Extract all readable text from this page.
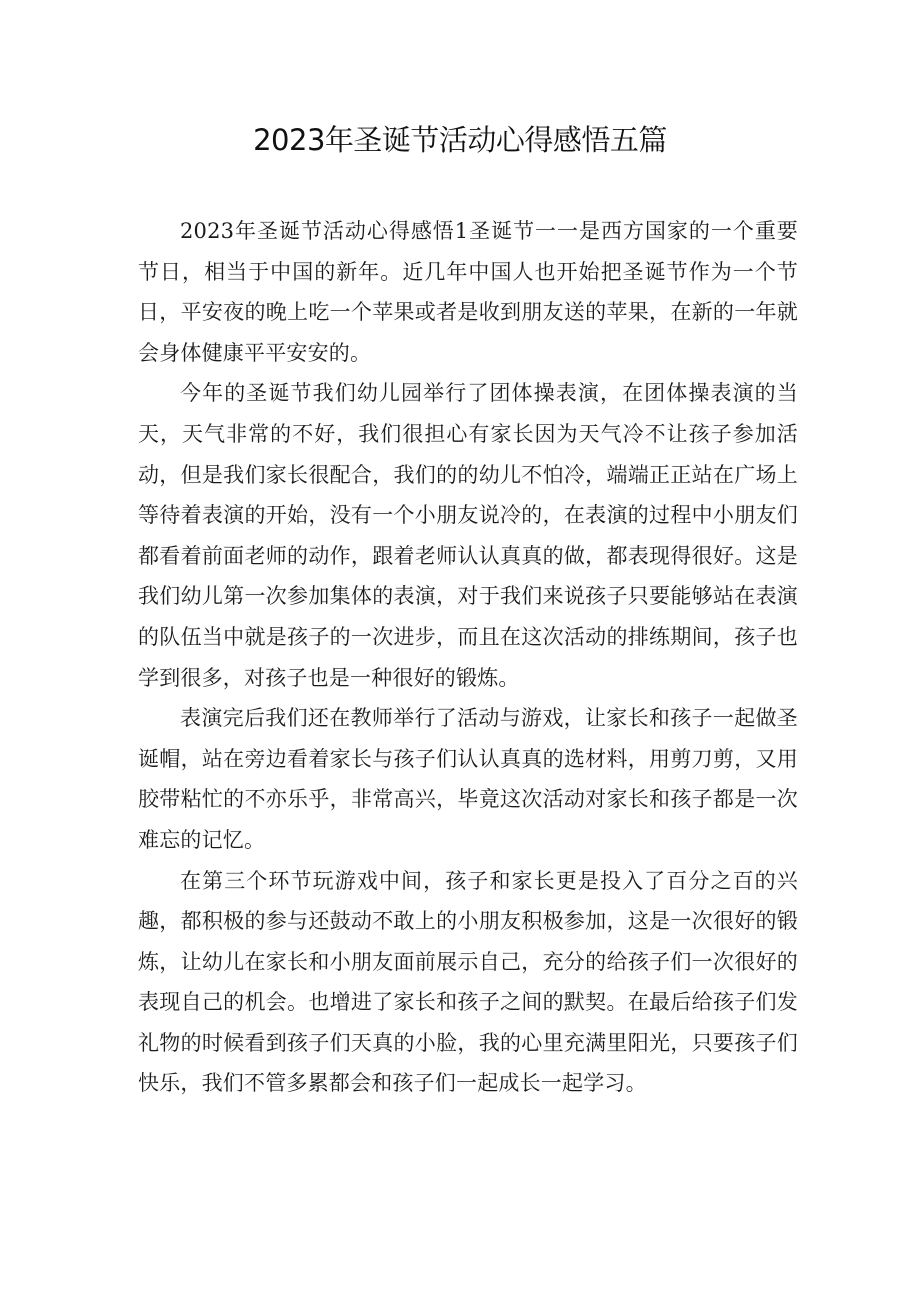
2023年圣诞节活动心得感悟五篇

2023年圣诞节活动心得感悟1圣诞节一一是西方国家的一个重要节日，相当于中国的新年。近几年中国人也开始把圣诞节作为一个节日，平安夜的晚上吃一个苹果或者是收到朋友送的苹果，在新的一年就会身体健康平平安安的。

今年的圣诞节我们幼儿园举行了团体操表演，在团体操表演的当天，天气非常的不好，我们很担心有家长因为天气冷不让孩子参加活动，但是我们家长很配合，我们的的幼儿不怕冷，端端正正站在广场上等待着表演的开始，没有一个小朋友说冷的，在表演的过程中小朋友们都看着前面老师的动作，跟着老师认认真真的做，都表现得很好。这是我们幼儿第一次参加集体的表演，对于我们来说孩子只要能够站在表演的队伍当中就是孩子的一次进步，而且在这次活动的排练期间，孩子也学到很多，对孩子也是一种很好的锻炼。

表演完后我们还在教师举行了活动与游戏，让家长和孩子一起做圣诞帽，站在旁边看着家长与孩子们认认真真的选材料，用剪刀剪，又用胶带粘忙的不亦乐乎，非常高兴，毕竟这次活动对家长和孩子都是一次难忘的记忆。

在第三个环节玩游戏中间，孩子和家长更是投入了百分之百的兴趣，都积极的参与还鼓动不敢上的小朋友积极参加，这是一次很好的锻炼，让幼儿在家长和小朋友面前展示自己，充分的给孩子们一次很好的表现自己的机会。也增进了家长和孩子之间的默契。在最后给孩子们发礼物的时候看到孩子们天真的小脸，我的心里充满里阳光，只要孩子们快乐，我们不管多累都会和孩子们一起成长一起学习。
